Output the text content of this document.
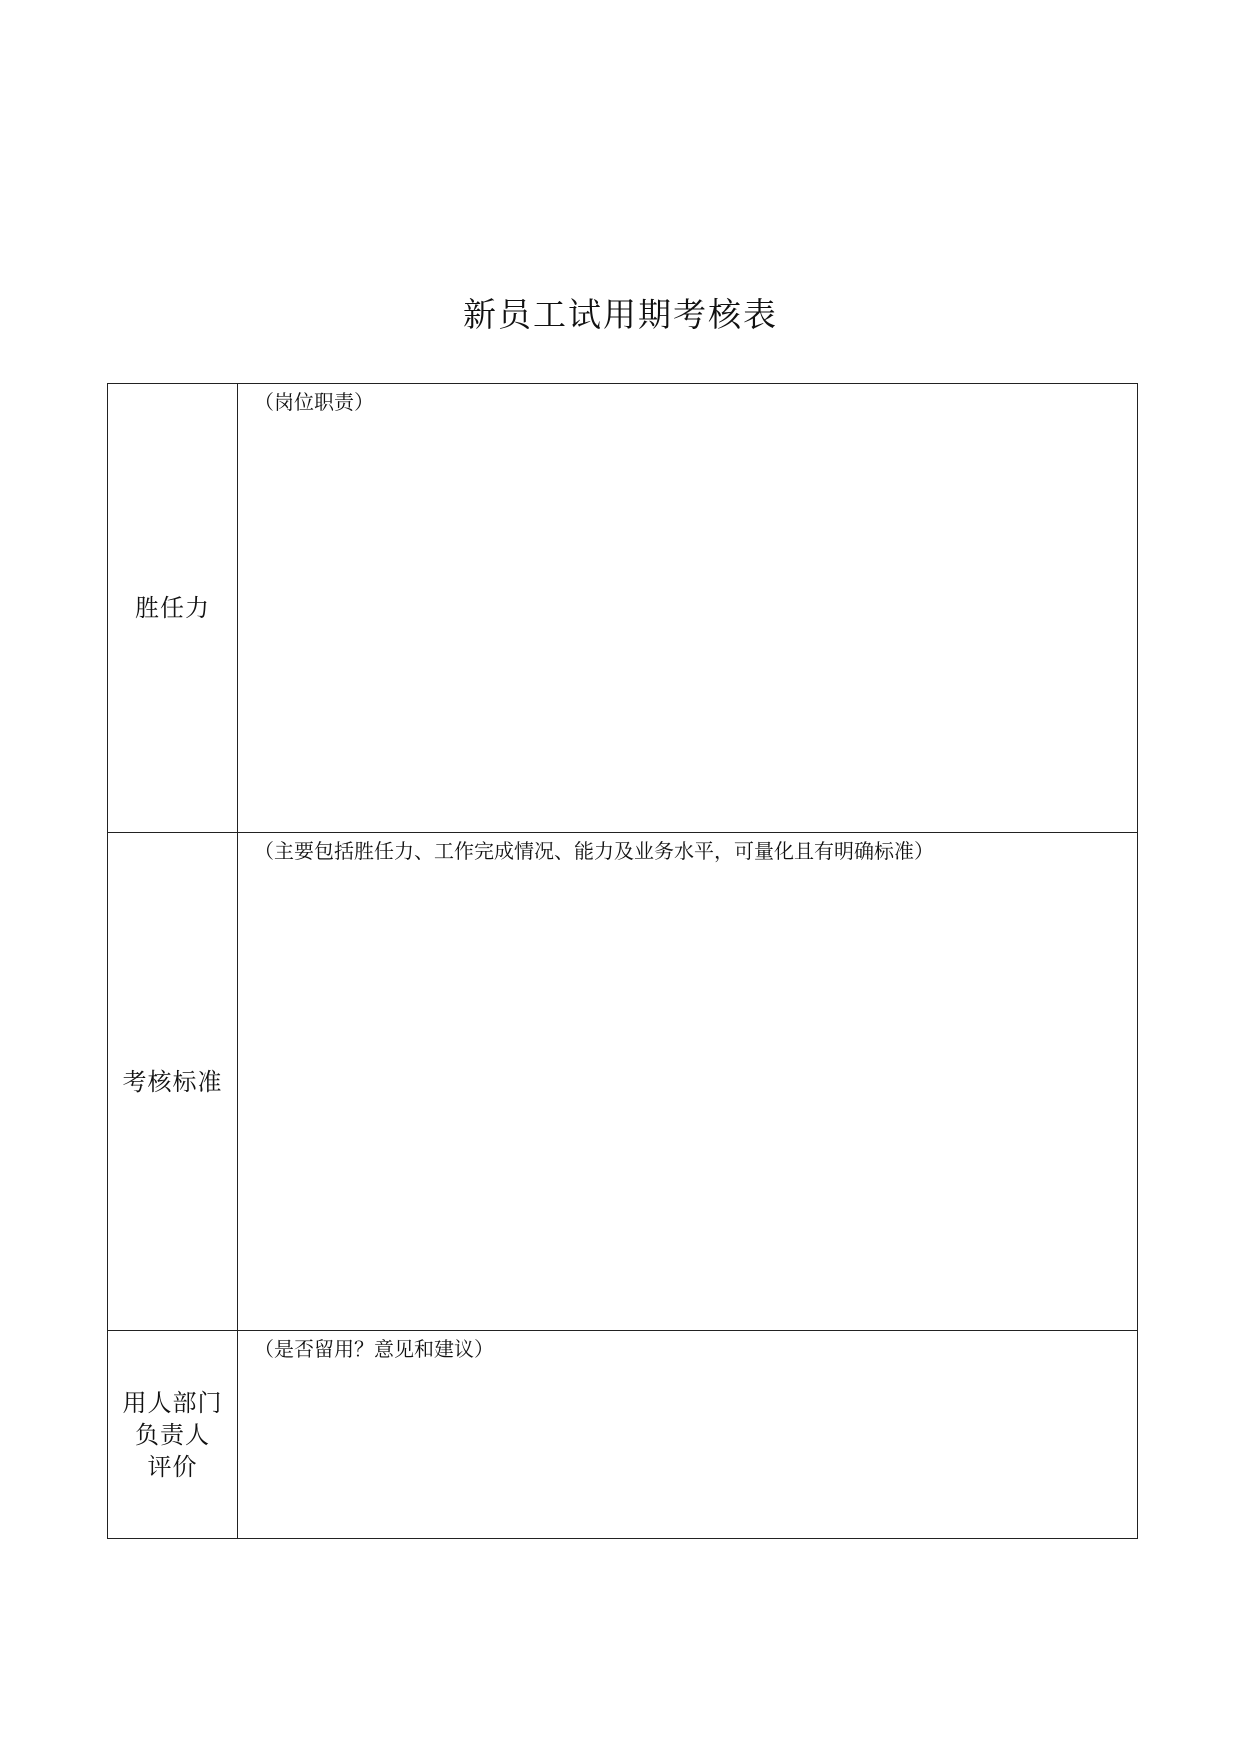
新员工试用期考核表
胜任力	（岗位职责）

考核标准	（主要包括胜任力、工作完成情况、能力及业务水平，可量化且有明确标准）

用人部门
负责人
评价	（是否留用？意见和建议）
